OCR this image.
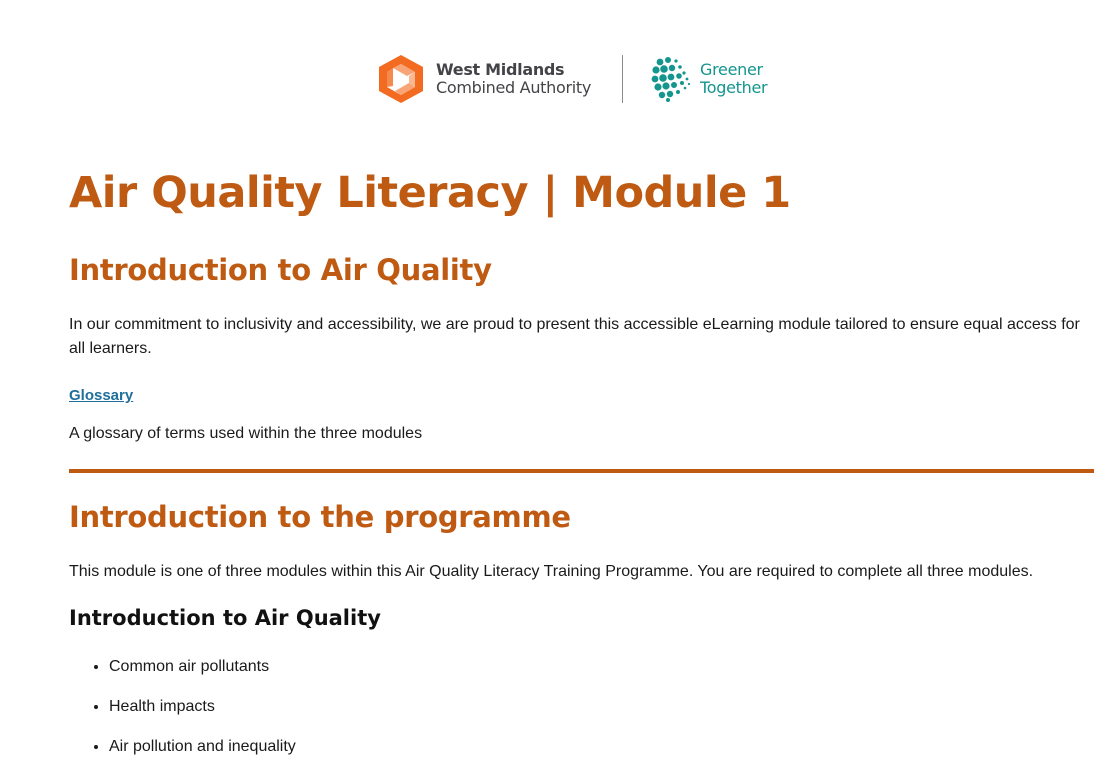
West Midlands
Combined Authority
Greener
Together
Air Quality Literacy | Module 1
Introduction to Air Quality

In our commitment to inclusivity and accessibility, we are proud to present this accessible eLearning module tailored to ensure equal access for all learners.

Glossary

A glossary of terms used within the three modules

Introduction to the programme

This module is one of three modules within this Air Quality Literacy Training Programme. You are required to complete all three modules.

Introduction to Air Quality
• Common air pollutants
• Health impacts
• Air pollution and inequality
